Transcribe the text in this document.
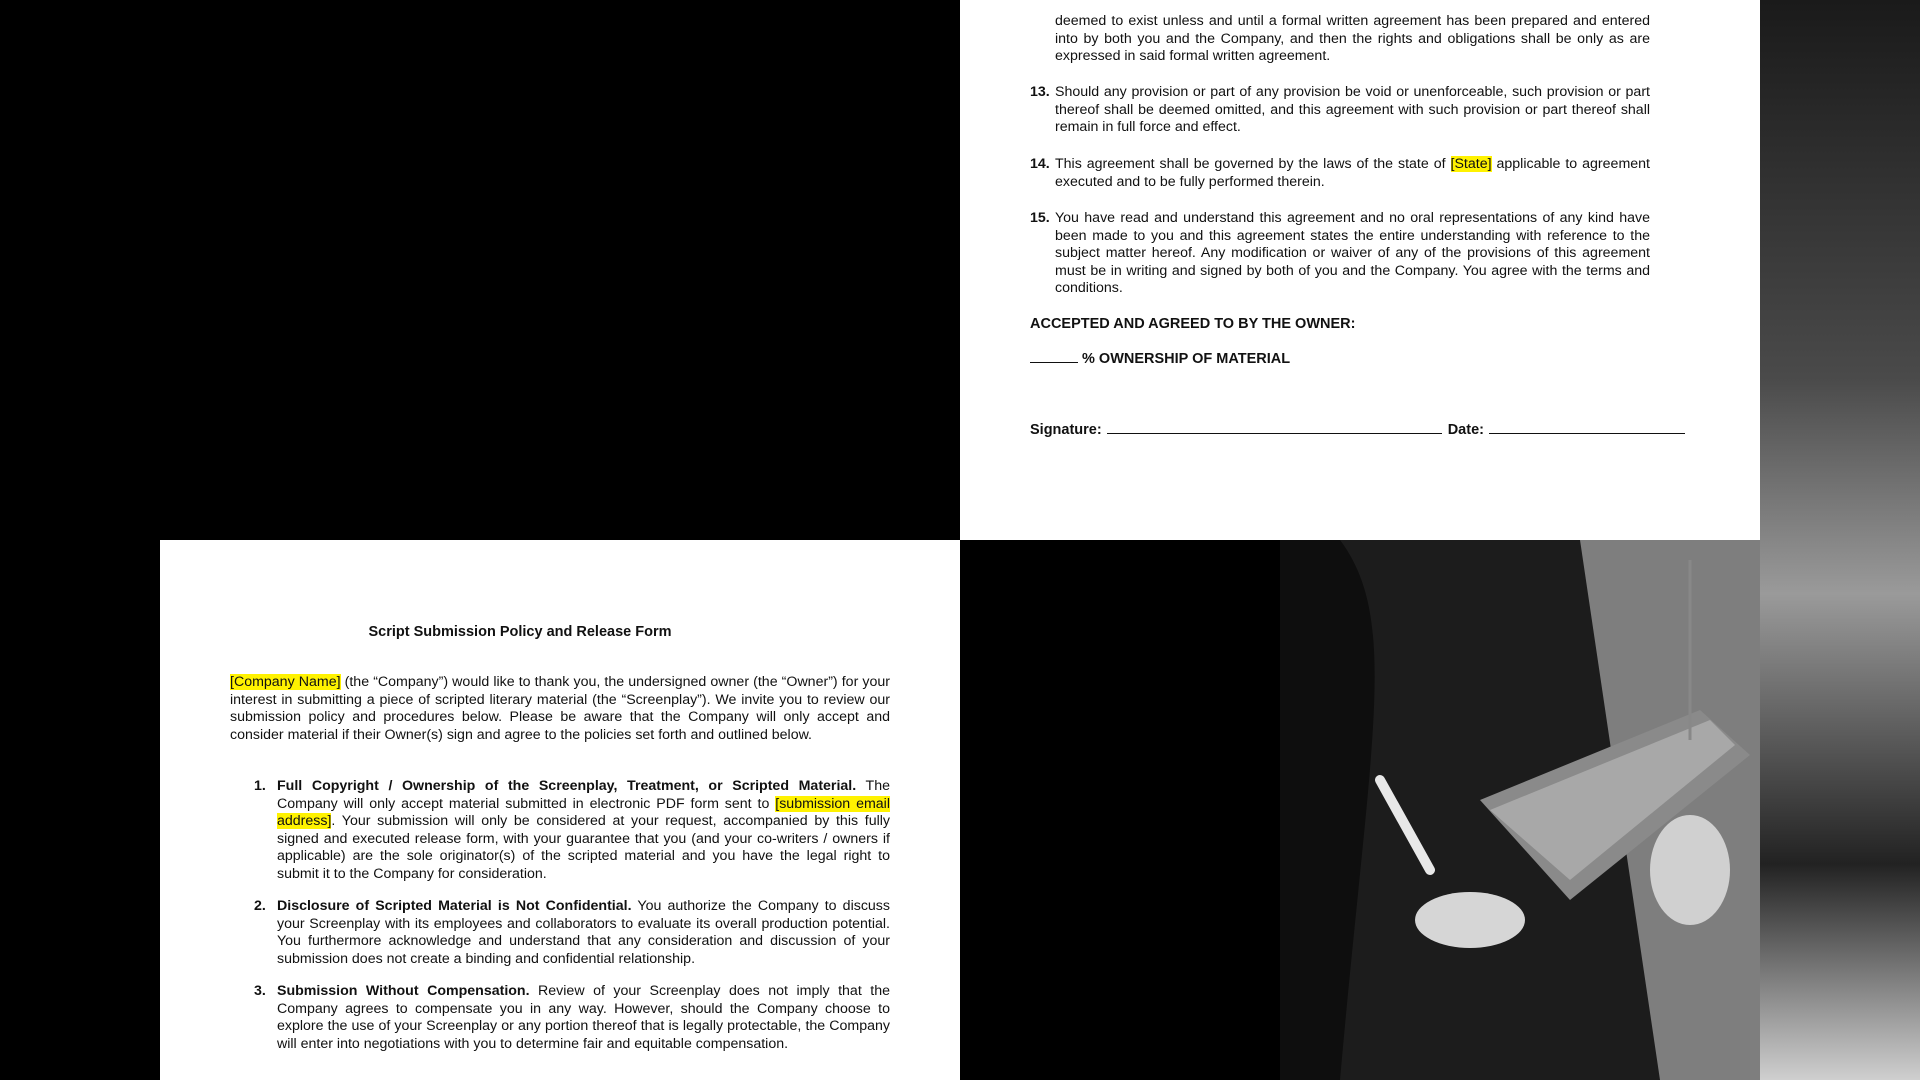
deemed to exist unless and until a formal written agreement has been prepared and entered into by both you and the Company, and then the rights and obligations shall be only as are expressed in said formal written agreement.
13. Should any provision or part of any provision be void or unenforceable, such provision or part thereof shall be deemed omitted, and this agreement with such provision or part thereof shall remain in full force and effect.
14. This agreement shall be governed by the laws of the state of [State] applicable to agreement executed and to be fully performed therein.
15. You have read and understand this agreement and no oral representations of any kind have been made to you and this agreement states the entire understanding with reference to the subject matter hereof. Any modification or waiver of any of the provisions of this agreement must be in writing and signed by both of you and the Company. You agree with the terms and conditions.
ACCEPTED AND AGREED TO BY THE OWNER:
% OWNERSHIP OF MATERIAL
Signature:	Date:
Script Submission Policy and Release Form
[Company Name] (the “Company”) would like to thank you, the undersigned owner (the “Owner”) for your interest in submitting a piece of scripted literary material (the “Screenplay”). We invite you to review our submission policy and procedures below. Please be aware that the Company will only accept and consider material if their Owner(s) sign and agree to the policies set forth and outlined below.
1. Full Copyright / Ownership of the Screenplay, Treatment, or Scripted Material. The Company will only accept material submitted in electronic PDF form sent to [submission email address]. Your submission will only be considered at your request, accompanied by this fully signed and executed release form, with your guarantee that you (and your co-writers / owners if applicable) are the sole originator(s) of the scripted material and you have the legal right to submit it to the Company for consideration.
2. Disclosure of Scripted Material is Not Confidential. You authorize the Company to discuss your Screenplay with its employees and collaborators to evaluate its overall production potential. You furthermore acknowledge and understand that any consideration and discussion of your submission does not create a binding and confidential relationship.
3. Submission Without Compensation. Review of your Screenplay does not imply that the Company agrees to compensate you in any way. However, should the Company choose to explore the use of your Screenplay or any portion thereof that is legally protectable, the Company will enter into negotiations with you to determine fair and equitable compensation.
